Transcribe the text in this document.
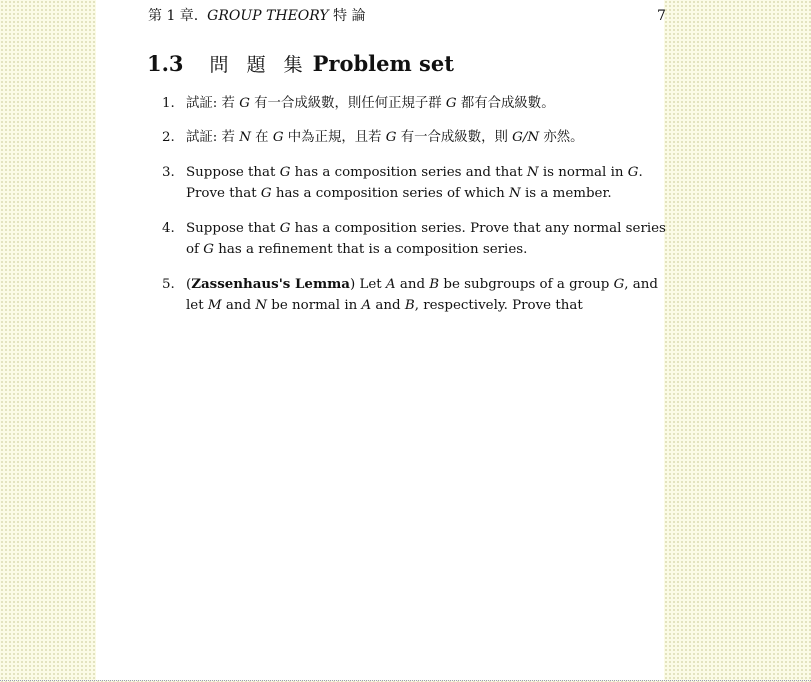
第 1 章. GROUP THEORY 特 論	7
1.3 問 題 集 Problem set
1. 試証: 若 G 有一合成級數，則任何正規子群 G 都有合成級數。
2. 試証: 若 N 在 G 中為正規，且若 G 有一合成級數，則 G/N 亦然。
3. Suppose that G has a composition series and that N is normal in G.
Prove that G has a composition series of which N is a member.
4. Suppose that G has a composition series. Prove that any normal series
of G has a refinement that is a composition series.
5. (Zassenhaus's Lemma) Let A and B be subgroups of a group G, and
let M and N be normal in A and B, respectively. Prove that
